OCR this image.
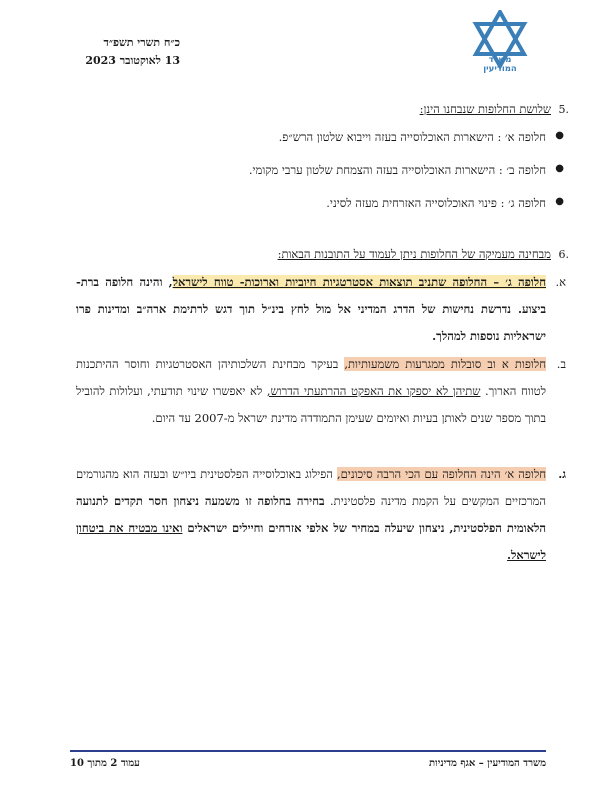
משרד
המודיעין
כ״ח תשרי תשפ״ד
13 לאוקטובר 2023
5.
שלושת החלופות שנבחנו הינן:
●
חלופה א׳ : הישארות האוכלוסייה בעזה וייבוא שלטון הרש״פ.
●
חלופה ב׳ : הישארות האוכלוסייה בעזה והצמחת שלטון ערבי מקומי.
●
חלופה ג׳ : פינוי האוכלוסייה האזרחית מעזה לסיני.
6.
מבחינה מעמיקה של החלופות ניתן לעמוד על התובנות הבאות:
א.
חלופה ג׳ – החלופה שתניב תוצאות אסטרטגיות חיוביות וארוכות- טווח לישראל, והינה חלופה ברת- ביצוע. נדרשת נחישות של הדרג המדיני אל מול לחץ בינ״ל תוך דגש לרתימת ארה״ב ומדינות פרו ישראליות נוספות למהלך.
ב.
חלופות א וב סובלות ממגרעות משמעותיות, בעיקר מבחינת השלכותיהן האסטרטגיות וחוסר ההיתכנות לטווח הארוך. שתיהן לא יספקו את האפקט ההרתעתי הדרוש, לא יאפשרו שינוי תודעתי, ועלולות להוביל בתוך מספר שנים לאותן בעיות ואיומים שעימן התמודדה מדינת ישראל מ-2007 עד היום.
ג.
חלופה א׳ הינה החלופה עם הכי הרבה סיכונים, הפילוג באוכלוסייה הפלסטינית ביו״ש ובעזה הוא מהגורמים המרכזיים המקשים על הקמת מדינה פלסטינית. בחירה בחלופה זו משמעה ניצחון חסר תקדים לתנועה הלאומית הפלסטינית, ניצחון שיעלה במחיר של אלפי אזרחים וחיילים ישראלים ואינו מבטיח את ביטחון לישראל.
משרד המודיעין – אגף מדיניות
עמוד 2 מתוך 10
